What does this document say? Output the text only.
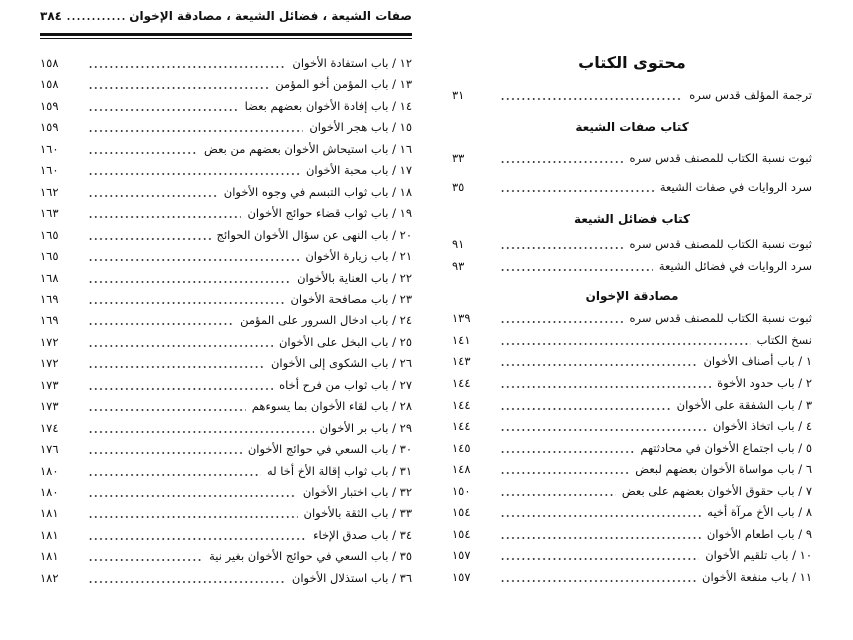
صفات الشيعة ، فضائل الشيعة ، مصادقة الإخوان
٣٨٤
١٢ / باب استفادة الأخوان
١٥٨
١٣ / باب المؤمن أخو المؤمن
١٥٨
١٤ / باب إفادة الأخوان بعضهم بعضا
١٥٩
١٥ / باب هجر الأخوان
١٥٩
١٦ / باب استيحاش الأخوان بعضهم من بعض
١٦٠
١٧ / باب محبة الأخوان
١٦٠
١٨ / باب ثواب التبسم في وجوه الأخوان
١٦٢
١٩ / باب ثواب قضاء حوائج الأخوان
١٦٣
٢٠ / باب النهى عن سؤال الأخوان الحوائج
١٦٥
٢١ / باب زيارة الأخوان
١٦٥
٢٢ / باب العناية بالأخوان
١٦٨
٢٣ / باب مصافحة الأخوان
١٦٩
٢٤ / باب ادخال السرور على المؤمن
١٦٩
٢٥ / باب البخل على الأخوان
١٧٢
٢٦ / باب الشكوى إلى الأخوان
١٧٢
٢٧ / باب ثواب من فرح أخاه
١٧٣
٢٨ / باب لقاء الأخوان بما يسوءهم
١٧٣
٢٩ / باب بر الأخوان
١٧٤
٣٠ / باب السعي في حوائج الأخوان
١٧٦
٣١ / باب ثواب إقالة الأخ أخا له
١٨٠
٣٢ / باب اختبار الأخوان
١٨٠
٣٣ / باب الثقة بالأخوان
١٨١
٣٤ / باب صدق الإخاء
١٨١
٣٥ / باب السعي في حوائج الأخوان بغير نية
١٨١
٣٦ / باب استذلال الأخوان
١٨٢
محتوى الكتاب
ترجمة المؤلف قدس سره
٣١
كتاب صفات الشيعة
ثبوت نسبة الكتاب للمصنف قدس سره
٣٣
سرد الروايات في صفات الشيعة
٣٥
كتاب فضائل الشيعة
ثبوت نسبة الكتاب للمصنف قدس سره
٩١
سرد الروايات في فضائل الشيعة
٩٣
مصادقة الإخوان
ثبوت نسبة الكتاب للمصنف قدس سره
١٣٩
نسخ الكتاب
١٤١
١ / باب أصناف الأخوان
١٤٣
٢ / باب حدود الأخوة
١٤٤
٣ / باب الشفقة على الأخوان
١٤٤
٤ / باب اتخاذ الأخوان
١٤٤
٥ / باب اجتماع الأخوان في محادثتهم
١٤٥
٦ / باب مواساة الأخوان بعضهم لبعض
١٤٨
٧ / باب حقوق الأخوان بعضهم على بعض
١٥٠
٨ / باب الأخ مرآة أخيه
١٥٤
٩ / باب اطعام الأخوان
١٥٤
١٠ / باب تلقيم الأخوان
١٥٧
١١ / باب منفعة الأخوان
١٥٧
